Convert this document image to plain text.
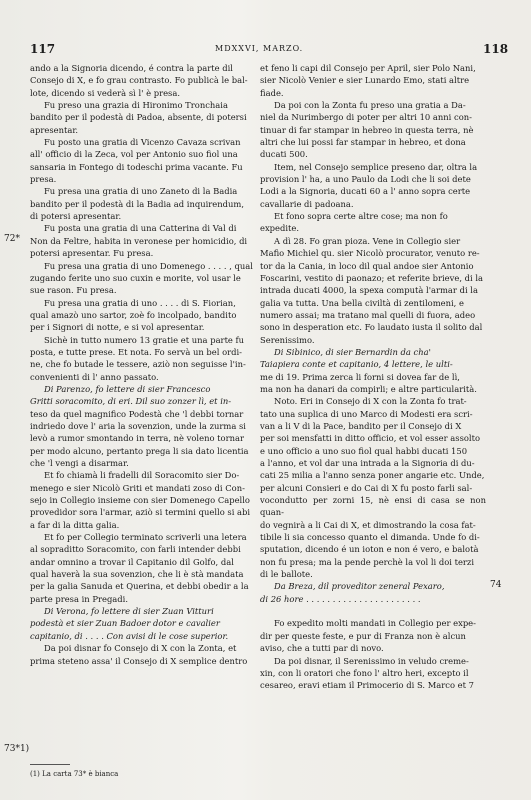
117	MDXXVI, MARZO.	118

ando a la Signoria dicendo, é contra la parte dil

Consejo di X, e fo grau contrasto. Fo publicà le bal-

lote, dicendo si vederà sì l' è presa.

Fu preso una grazia di Hironimo Tronchaia

bandito per il podestà di Padoa, absente, di potersi

apresentar.

Fu posto una gratia di Vicenzo Cavaza scrivan

all' officio di la Zeca, vol per Antonio suo fiol una

sansaria in Fontego di todeschi prima vacante. Fu

presa.

Fu presa una gratia di uno Zaneto di la Badia

bandito per il podestà di la Badia ad inquirendum,

di potersi apresentar.

Fu posta una gratia di una Catterina di Val di

Non da Feltre, habita in veronese per homicidio, di

potersi apresentar. Fu presa.

Fu presa una gratia di uno Domenego . . . . , qual

zugando ferite uno suo cuxin e morite, vol usar le

sue rason. Fu presa.

Fu presa una gratia di uno . . . . di S. Fiorian,

qual amazò uno sartor, zoè fo incolpado, bandito

per i Signori di notte, e si vol apresentar.

Sichè in tutto numero 13 gratie et una parte fu

posta, e tutte prese. Et nota. Fo servà un bel ordi-

ne, che fo butade le tessere, aziò non seguisse l'in-

convenienti di l' anno passato.

Di Parenzo, fo lettere di sier Francesco

Gritti soracomito, di eri. Dil suo zonzer lì, et in-

teso da quel magnifico Podestà che 'l debbi tornar

indriedo dove l' aria la sovenzion, unde la zurma si

levò a rumor smontando in terra, nè voleno tornar

per modo alcuno, pertanto prega li sia dato licentia

che 'l vengi a disarmar.

Et fo chiamà li fradelli dil Soracomito sier Do-

menego e sier Nicolò Griti et mandati zoso di Con-

sejo in Collegio insieme con sier Domenego Capello

provedidor sora l'armar, aziò si termini quello si abi

a far di la ditta galia.

Et fo per Collegio terminato scriverli una letera

al sopraditto Soracomito, con farli intender debbi

andar omnino a trovar il Capitanio dil Golfo, dal

qual haverà la sua sovenzion, che li è stà mandata

per la galia Sanuda et Querina, et debbi obedir a la

parte presa in Pregadi.

Di Verona, fo lettere di sier Zuan Vitturi

podestà et sier Zuan Badoer dotor e cavalier

capitanio, di . . . . Con avisi di le cose superior.

Da poi disnar fo Consejo di X con la Zonta, et

prima steteno assa' il Consejo di X semplice dentro

et feno li capi dil Consejo per April, sier Polo Nani,

sier Nicolò Venier e sier Lunardo Emo, stati altre

fiade.

Da poi con la Zonta fu preso una gratia a Da-

niel da Nurimbergo di poter per altri 10 anni con-

tinuar di far stampar in hebreo in questa terra, nè

altri che lui possi far stampar in hebreo, et dona

ducati 500.

Item, nel Consejo semplice preseno dar, oltra la

provision l' ha, a uno Paulo da Lodi che li soi dete

Lodi a la Signoria, ducati 60 a l' anno sopra certe

cavallarie di padoana.

Et fono sopra certe altre cose; ma non fo

expedite.

A dì 28. Fo gran pioza. Vene in Collegio sier

Mafio Michiel qu. sier Nicolò procurator, venuto re-

tor da la Cania, in loco dil qual andoe sier Antonio

Foscarini, vestito di paonazo; et referite brieve, di la

intrada ducati 4000, la spexa computà l'armar di la

galia va tutta. Una bella civiltà di zentilomeni, e

numero assai; ma tratano mal quelli di fuora, adeo

sono in desperation etc. Fo laudato iusta il solito dal

Serenissimo.

Di Sibinico, di sier Bernardin da cha'

Taiapiera conte et capitanio, 4 lettere, le ulti-

me di 19. Prima zerca li forni si dovea far de lì,

ma non ha danari da compirli; e altre particularità.

Noto. Eri in Consejo di X con la Zonta fo trat-

tato una suplica di uno Marco di Modesti era scri-

van a li V di la Pace, bandito per il Consejo di X

per soi mensfatti in ditto officio, et vol esser assolto

e uno officio a uno suo fiol qual habbi ducati 150

a l'anno, et vol dar una intrada a la Signoria di du-

cati 25 milia a l'anno senza poner angarie etc. Unde,

per alcuni Consieri e do Cai di X fu posto farli sal-

vocondutto per zorni 15, nè ensi di casa se non quan-

do vegnirà a li Cai di X, et dimostrando la cosa fat-

tibile li sia concesso quanto el dimanda. Unde fo di-

sputation, dicendo é un ioton e non é vero, e balotà

non fu presa; ma la pende perchè la vol li doi terzi

di le ballote.

Da Breza, dil proveditor zeneral Pexaro,

di 26 hore . . . . . . . . . . . . . . . . . . . . . .

Fo expedito molti mandati in Collegio per expe-

dir per queste feste, e pur di Franza non è alcun

aviso, che a tutti par di novo.

Da poi disnar, il Serenissimo in veludo creme-

xin, con li oratori che fono l' altro heri, excepto il

cesareo, eravi etiam il Primocerio di S. Marco et 7

72*
73*1)
74
(1) La carta 73* è bianca
